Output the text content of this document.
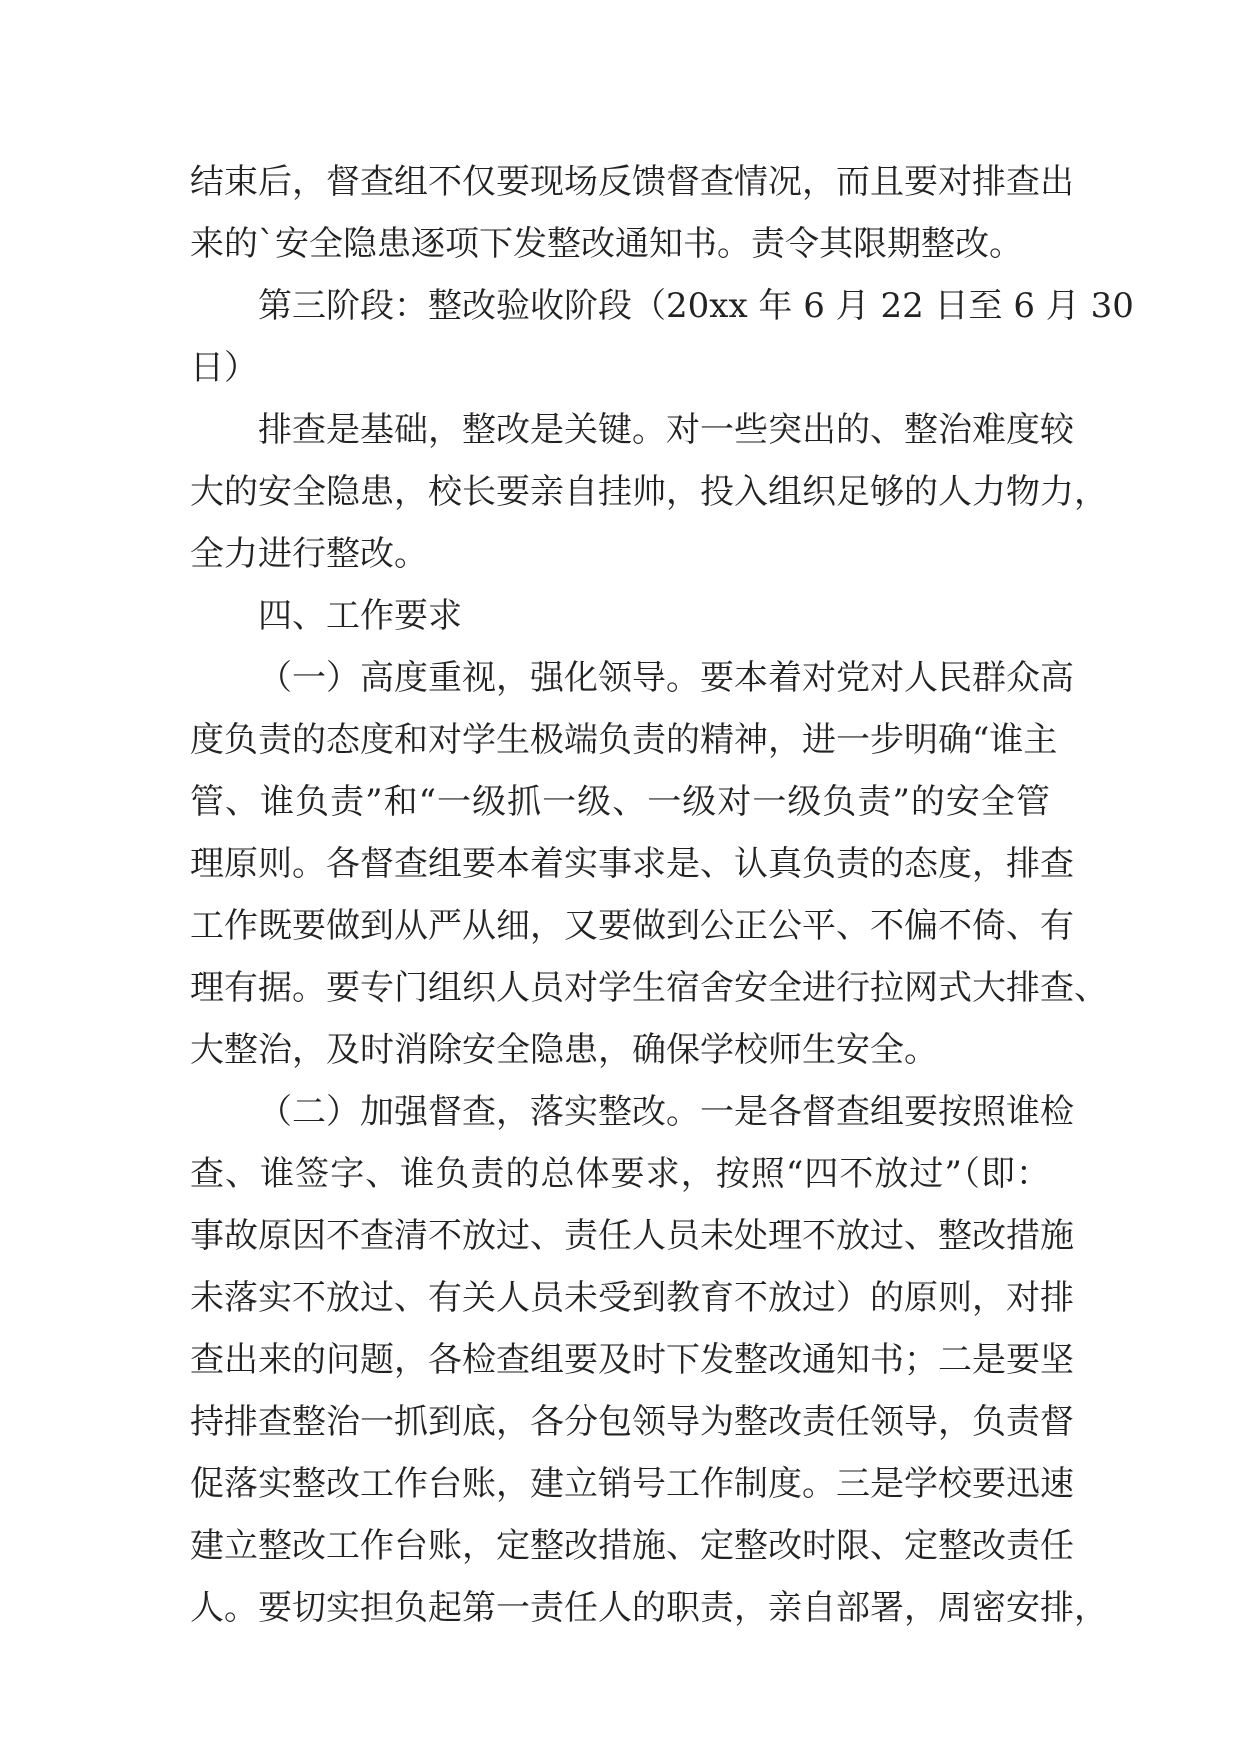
结束后，督查组不仅要现场反馈督查情况，而且要对排查出
来的`安全隐患逐项下发整改通知书。责令其限期整改。
第三阶段：整改验收阶段（20xx 年 6 月 22 日至 6 月 30
日）
排查是基础，整改是关键。对一些突出的、整治难度较
大的安全隐患，校长要亲自挂帅，投入组织足够的人力物力，
全力进行整改。
四、工作要求
（一）高度重视，强化领导。要本着对党对人民群众高
度负责的态度和对学生极端负责的精神，进一步明确“谁主
管、谁负责”和“一级抓一级、一级对一级负责”的安全管
理原则。各督查组要本着实事求是、认真负责的态度，排查
工作既要做到从严从细，又要做到公正公平、不偏不倚、有
理有据。要专门组织人员对学生宿舍安全进行拉网式大排查、
大整治，及时消除安全隐患，确保学校师生安全。
（二）加强督查，落实整改。一是各督查组要按照谁检
查、谁签字、谁负责的总体要求，按照“四不放过”（即：
事故原因不查清不放过、责任人员未处理不放过、整改措施
未落实不放过、有关人员未受到教育不放过）的原则，对排
查出来的问题，各检查组要及时下发整改通知书；二是要坚
持排查整治一抓到底，各分包领导为整改责任领导，负责督
促落实整改工作台账，建立销号工作制度。三是学校要迅速
建立整改工作台账，定整改措施、定整改时限、定整改责任
人。要切实担负起第一责任人的职责，亲自部署，周密安排，
